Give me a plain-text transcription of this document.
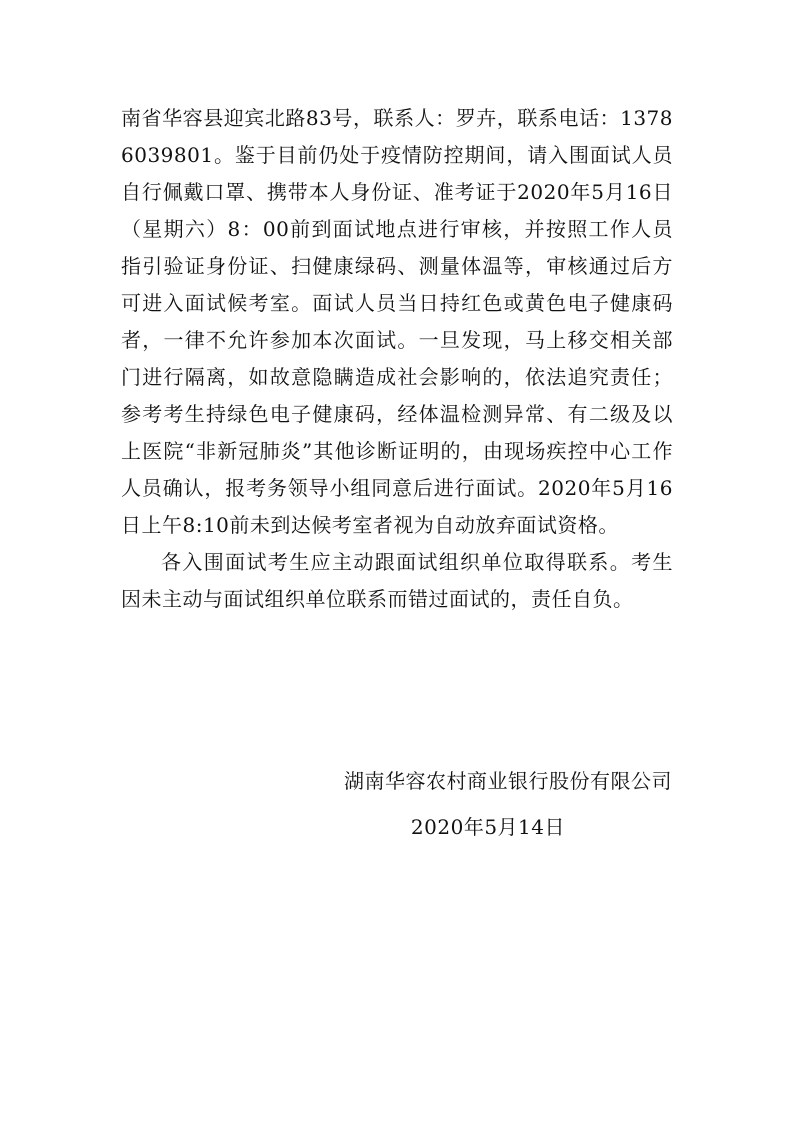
南省华容县迎宾北路83号，联系人：罗卉，联系电话：13786039801。鉴于目前仍处于疫情防控期间，请入围面试人员自行佩戴口罩、携带本人身份证、准考证于2020年5月16日（星期六）8：00前到面试地点进行审核，并按照工作人员指引验证身份证、扫健康绿码、测量体温等，审核通过后方可进入面试候考室。面试人员当日持红色或黄色电子健康码者，一律不允许参加本次面试。一旦发现，马上移交相关部门进行隔离，如故意隐瞒造成社会影响的，依法追究责任；参考考生持绿色电子健康码，经体温检测异常、有二级及以上医院“非新冠肺炎”其他诊断证明的，由现场疾控中心工作人员确认，报考务领导小组同意后进行面试。2020年5月16日上午8:10前未到达候考室者视为自动放弃面试资格。

各入围面试考生应主动跟面试组织单位取得联系。考生因未主动与面试组织单位联系而错过面试的，责任自负。

湖南华容农村商业银行股份有限公司
2020年5月14日
